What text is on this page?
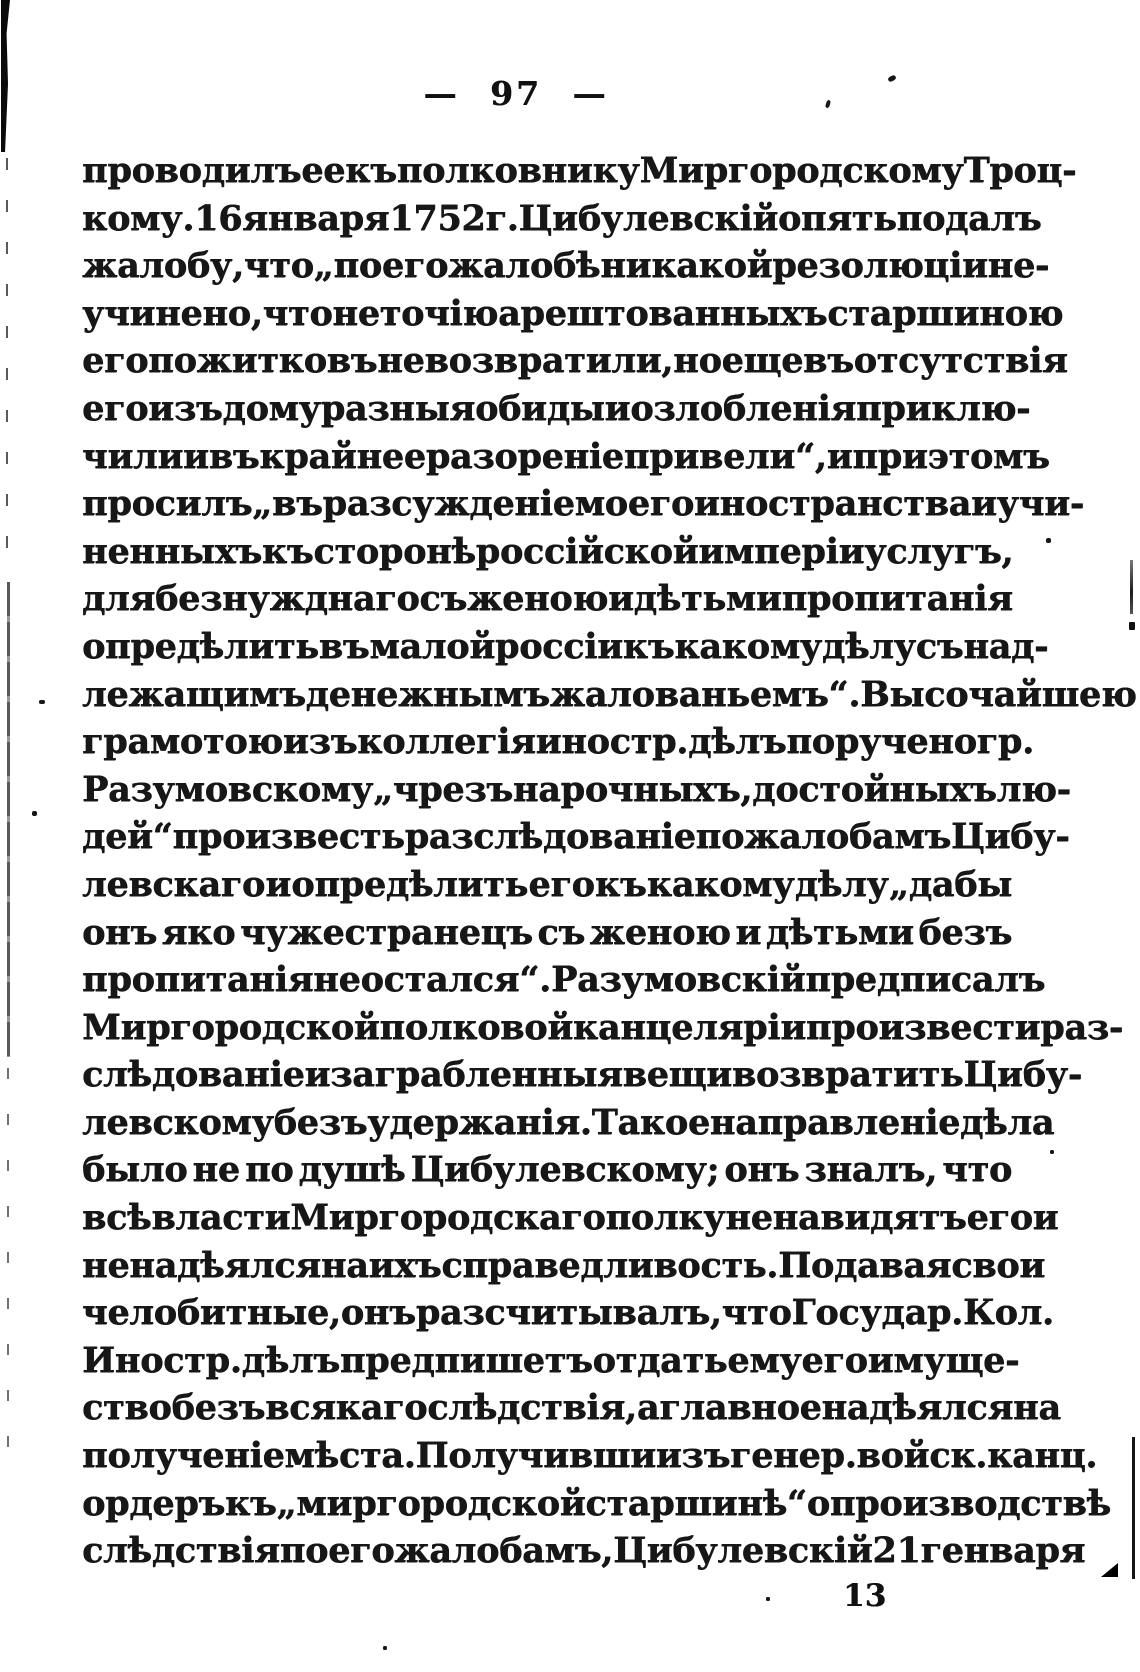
— 97 —
проводилъ ее къ полковнику Миргородскому Троц-
кому. 16 января 1752 г. Цибулевскій опять подалъ
жалобу, что „по его жалобѣ никакой резолюціи не-
учинено, что не точію арештованныхъ старшиною
его пожитковъ не возвратили, но еще въ отсутствія
его изъ дому разныя обиды и озлобленія приклю-
чили и въ крайнее разореніе привели“, и при этомъ
просилъ „въ разсужденіе моего иностранства и учи-
ненныхъ къ сторонѣ россійской имперіи услугъ,
для безнужднаго съ женою и дѣтьми пропитанія
опредѣлить въ малой россіи къ какому дѣлу съ над-
лежащимъ денежнымъ жалованьемъ“. Высочайшею
грамотою изъ коллегія иностр. дѣлъ поручено гр.
Разумовскому „чрезъ нарочныхъ, достойныхъ лю-
дей“ произвесть разслѣдованіе по жалобамъ Цибу-
левскаго и опредѣлить его къ какому дѣлу „дабы
онъ яко чужестранецъ съ женою и дѣтьми безъ
пропитанія неостался“. Разумовскій предписалъ
Миргородской полковой канцеляріи произвести раз-
слѣдованіе и заграбленныя вещи возвратить Цибу-
левскому безъ удержанія. Такое направленіе дѣла
было не по душѣ Цибулевскому; онъ зналъ, что
всѣ власти Миргородскаго полку ненавидятъ его и
не надѣялся на ихъ справедливость. Подавая свои
челобитные, онъ разсчитывалъ, что Государ. Кол.
Иностр. дѣлъ предпишетъ отдать ему его имуще-
ство безъ всякаго слѣдствія, а главное надѣялся на
полученіе мѣста. Получивши изъ генер. войск. канц.
ордеръ къ „миргородской старшинѣ“ о производствѣ
слѣдствія по его жалобамъ, Цибулевскій 21 генваря
13
